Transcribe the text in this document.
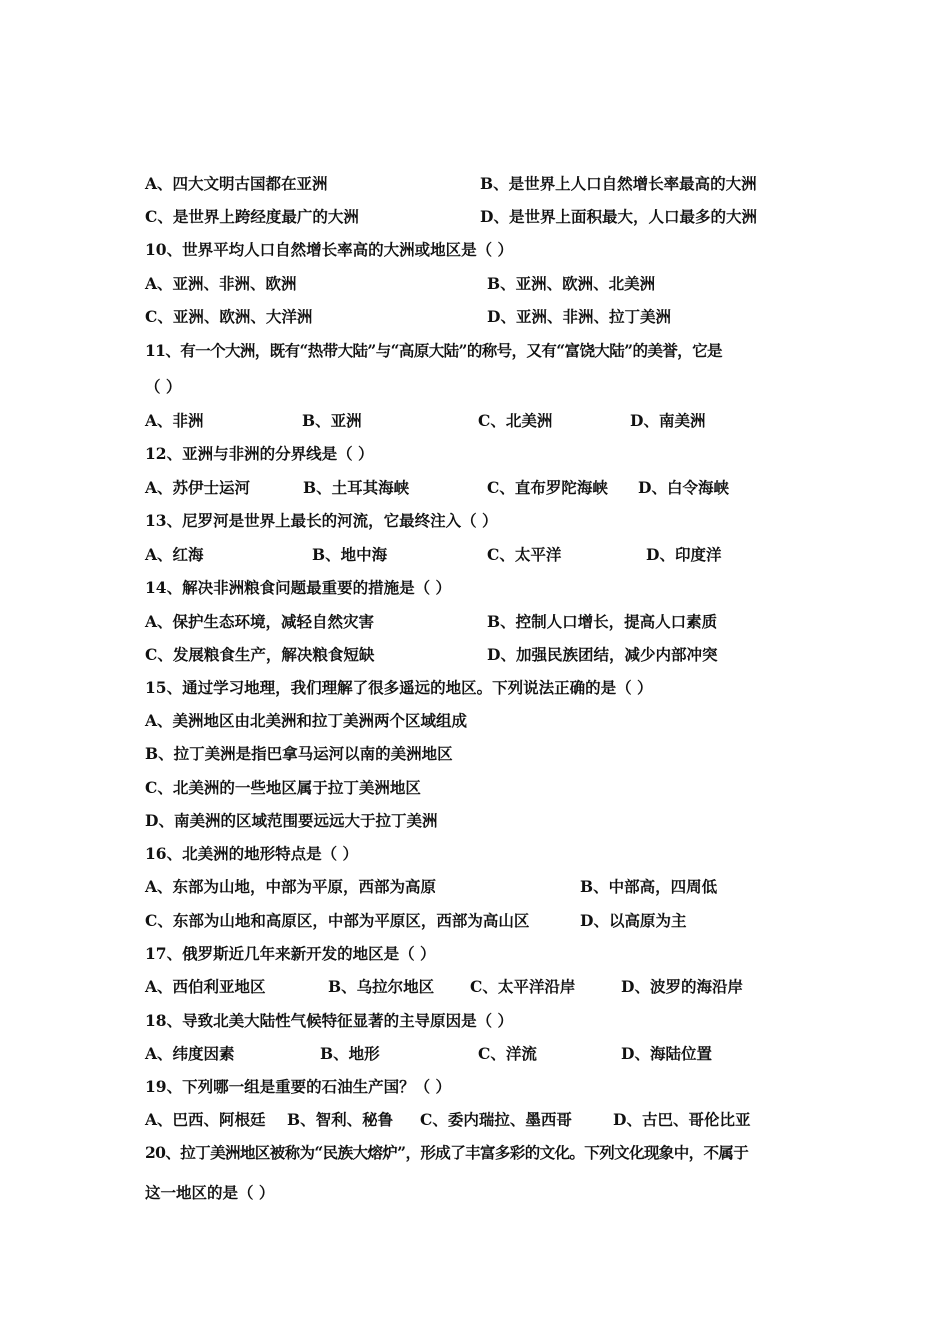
A、四大文明古国都在亚洲	B、是世界上人口自然增长率最高的大洲
C、是世界上跨经度最广的大洲	D、是世界上面积最大，人口最多的大洲
10、世界平均人口自然增长率高的大洲或地区是（ ）
A、亚洲、非洲、欧洲	B、亚洲、欧洲、北美洲
C、亚洲、欧洲、大洋洲	D、亚洲、非洲、拉丁美洲
11、有一个大洲，既有“热带大陆”与“高原大陆”的称号，又有“富饶大陆”的美誉，它是
（ ）
A、非洲	B、亚洲	C、北美洲	D、南美洲
12、亚洲与非洲的分界线是（ ）
A、苏伊士运河	B、土耳其海峡	C、直布罗陀海峡 D、白令海峡
13、尼罗河是世界上最长的河流，它最终注入（ ）
A、红海	B、地中海	C、太平洋	D、印度洋
14、解决非洲粮食问题最重要的措施是（ ）
A、保护生态环境，减轻自然灾害	B、控制人口增长，提高人口素质
C、发展粮食生产，解决粮食短缺	D、加强民族团结，减少内部冲突
15、通过学习地理，我们理解了很多遥远的地区。下列说法正确的是（ ）
A、美洲地区由北美洲和拉丁美洲两个区域组成
B、拉丁美洲是指巴拿马运河以南的美洲地区
C、北美洲的一些地区属于拉丁美洲地区
D、南美洲的区域范围要远远大于拉丁美洲
16、北美洲的地形特点是（ ）
A、东部为山地，中部为平原，西部为高原	B、中部高，四周低
C、东部为山地和高原区，中部为平原区，西部为高山区	D、以高原为主
17、俄罗斯近几年来新开发的地区是（ ）
A、西伯利亚地区	B、乌拉尔地区 C、太平洋沿岸	D、波罗的海沿岸
18、导致北美大陆性气候特征显著的主导原因是（ ）
A、纬度因素	B、地形	C、洋流	D、海陆位置
19、下列哪一组是重要的石油生产国？（ ）
A、巴西、阿根廷 B、智利、秘鲁 C、委内瑞拉、墨西哥	D、古巴、哥伦比亚
20、拉丁美洲地区被称为“民族大熔炉”，形成了丰富多彩的文化。下列文化现象中，不属于
这一地区的是（ ）
